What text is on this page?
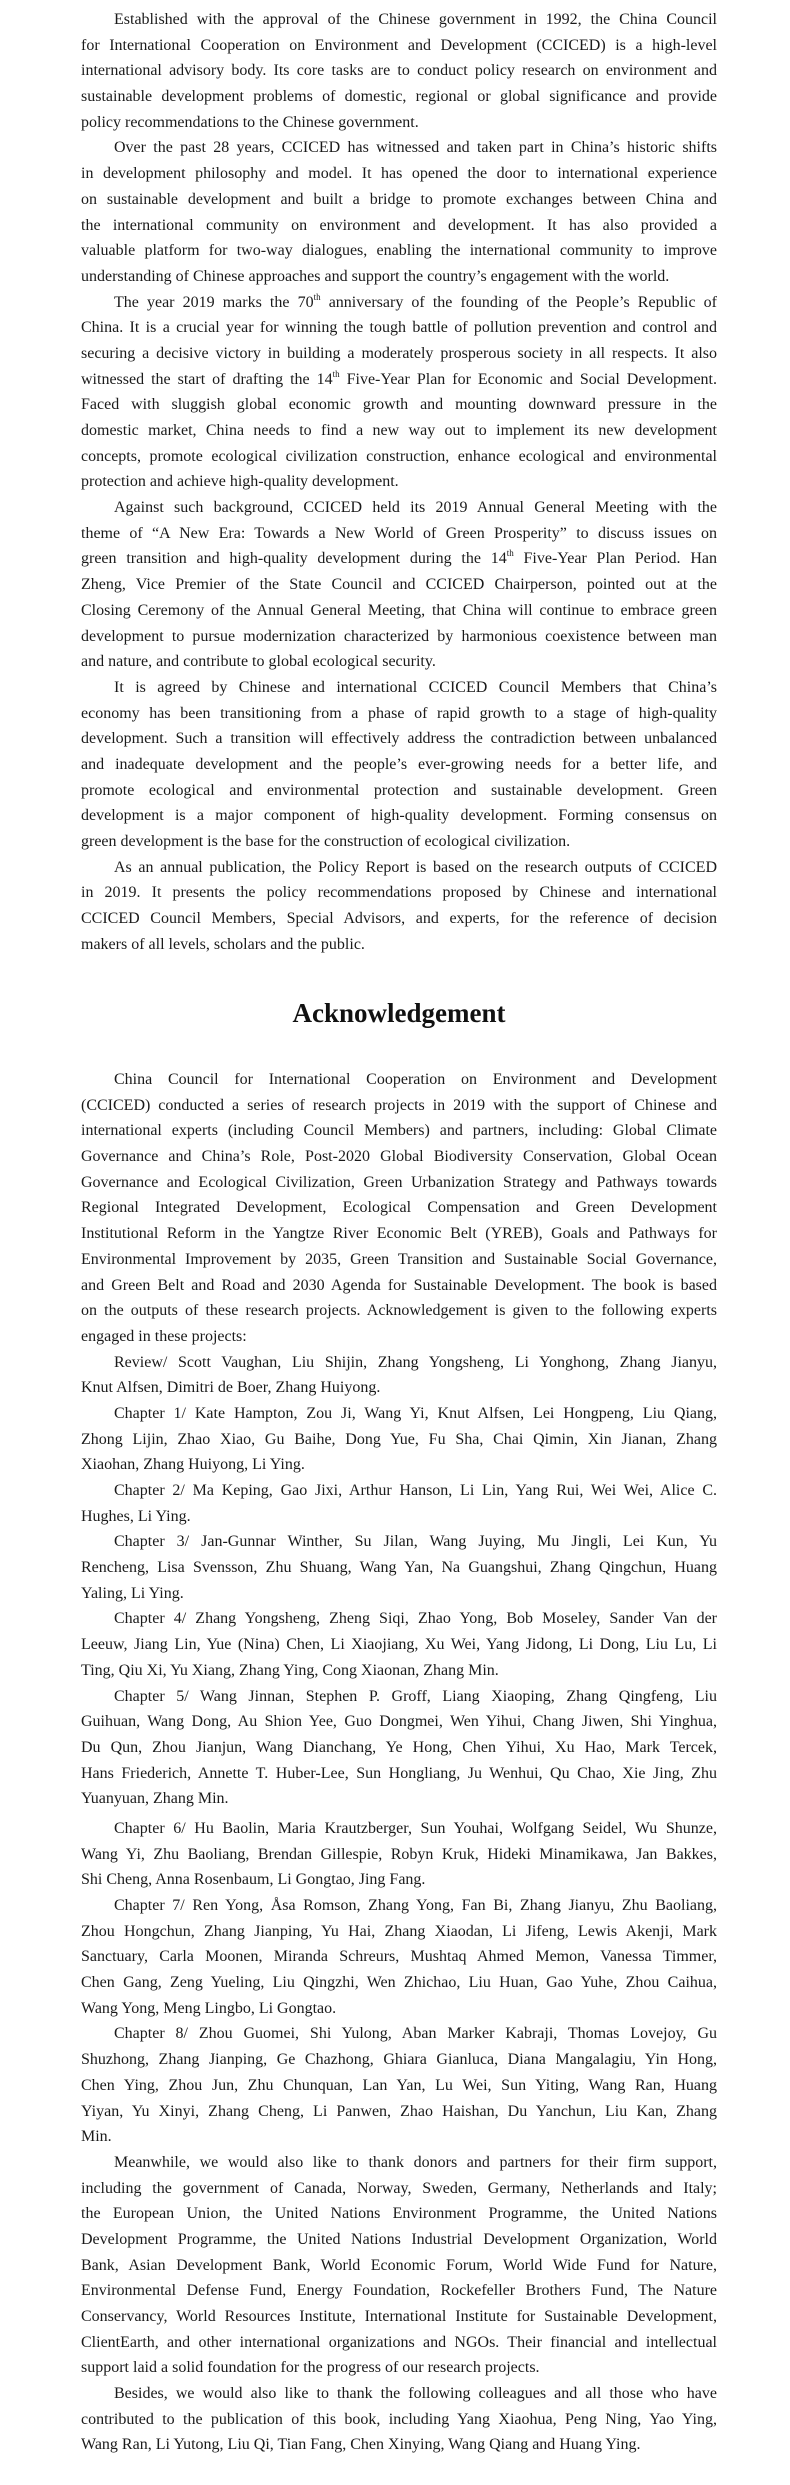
Established with the approval of the Chinese government in 1992, the China Council
for International Cooperation on Environment and Development (CCICED) is a high-level
international advisory body. Its core tasks are to conduct policy research on environment and
sustainable development problems of domestic, regional or global significance and provide
policy recommendations to the Chinese government.
Over the past 28 years, CCICED has witnessed and taken part in China’s historic shifts
in development philosophy and model. It has opened the door to international experience
on sustainable development and built a bridge to promote exchanges between China and
the international community on environment and development. It has also provided a
valuable platform for two-way dialogues, enabling the international community to improve
understanding of Chinese approaches and support the country’s engagement with the world.
The year 2019 marks the 70th anniversary of the founding of the People’s Republic of
China. It is a crucial year for winning the tough battle of pollution prevention and control and
securing a decisive victory in building a moderately prosperous society in all respects. It also
witnessed the start of drafting the 14th Five-Year Plan for Economic and Social Development.
Faced with sluggish global economic growth and mounting downward pressure in the
domestic market, China needs to find a new way out to implement its new development
concepts, promote ecological civilization construction, enhance ecological and environmental
protection and achieve high-quality development.
Against such background, CCICED held its 2019 Annual General Meeting with the
theme of “A New Era: Towards a New World of Green Prosperity” to discuss issues on
green transition and high-quality development during the 14th Five-Year Plan Period. Han
Zheng, Vice Premier of the State Council and CCICED Chairperson, pointed out at the
Closing Ceremony of the Annual General Meeting, that China will continue to embrace green
development to pursue modernization characterized by harmonious coexistence between man
and nature, and contribute to global ecological security.
It is agreed by Chinese and international CCICED Council Members that China’s
economy has been transitioning from a phase of rapid growth to a stage of high-quality
development. Such a transition will effectively address the contradiction between unbalanced
and inadequate development and the people’s ever-growing needs for a better life, and
promote ecological and environmental protection and sustainable development. Green
development is a major component of high-quality development. Forming consensus on
green development is the base for the construction of ecological civilization.
As an annual publication, the Policy Report is based on the research outputs of CCICED
in 2019. It presents the policy recommendations proposed by Chinese and international
CCICED Council Members, Special Advisors, and experts, for the reference of decision
makers of all levels, scholars and the public.
Acknowledgement
China Council for International Cooperation on Environment and Development
(CCICED) conducted a series of research projects in 2019 with the support of Chinese and
international experts (including Council Members) and partners, including: Global Climate
Governance and China’s Role, Post-2020 Global Biodiversity Conservation, Global Ocean
Governance and Ecological Civilization, Green Urbanization Strategy and Pathways towards
Regional Integrated Development, Ecological Compensation and Green Development
Institutional Reform in the Yangtze River Economic Belt (YREB), Goals and Pathways for
Environmental Improvement by 2035, Green Transition and Sustainable Social Governance,
and Green Belt and Road and 2030 Agenda for Sustainable Development. The book is based
on the outputs of these research projects. Acknowledgement is given to the following experts
engaged in these projects:
Review/ Scott Vaughan, Liu Shijin, Zhang Yongsheng, Li Yonghong, Zhang Jianyu,
Knut Alfsen, Dimitri de Boer, Zhang Huiyong.
Chapter 1/ Kate Hampton, Zou Ji, Wang Yi, Knut Alfsen, Lei Hongpeng, Liu Qiang,
Zhong Lijin, Zhao Xiao, Gu Baihe, Dong Yue, Fu Sha, Chai Qimin, Xin Jianan, Zhang
Xiaohan, Zhang Huiyong, Li Ying.
Chapter 2/ Ma Keping, Gao Jixi, Arthur Hanson, Li Lin, Yang Rui, Wei Wei, Alice C.
Hughes, Li Ying.
Chapter 3/ Jan-Gunnar Winther, Su Jilan, Wang Juying, Mu Jingli, Lei Kun, Yu
Rencheng, Lisa Svensson, Zhu Shuang, Wang Yan, Na Guangshui, Zhang Qingchun, Huang
Yaling, Li Ying.
Chapter 4/ Zhang Yongsheng, Zheng Siqi, Zhao Yong, Bob Moseley, Sander Van der
Leeuw, Jiang Lin, Yue (Nina) Chen, Li Xiaojiang, Xu Wei, Yang Jidong, Li Dong, Liu Lu, Li
Ting, Qiu Xi, Yu Xiang, Zhang Ying, Cong Xiaonan, Zhang Min.
Chapter 5/ Wang Jinnan, Stephen P. Groff, Liang Xiaoping, Zhang Qingfeng, Liu
Guihuan, Wang Dong, Au Shion Yee, Guo Dongmei, Wen Yihui, Chang Jiwen, Shi Yinghua,
Du Qun, Zhou Jianjun, Wang Dianchang, Ye Hong, Chen Yihui, Xu Hao, Mark Tercek,
Hans Friederich, Annette T. Huber-Lee, Sun Hongliang, Ju Wenhui, Qu Chao, Xie Jing, Zhu
Yuanyuan, Zhang Min.
Chapter 6/ Hu Baolin, Maria Krautzberger, Sun Youhai, Wolfgang Seidel, Wu Shunze,
Wang Yi, Zhu Baoliang, Brendan Gillespie, Robyn Kruk, Hideki Minamikawa, Jan Bakkes,
Shi Cheng, Anna Rosenbaum, Li Gongtao, Jing Fang.
Chapter 7/ Ren Yong, Åsa Romson, Zhang Yong, Fan Bi, Zhang Jianyu, Zhu Baoliang,
Zhou Hongchun, Zhang Jianping, Yu Hai, Zhang Xiaodan, Li Jifeng, Lewis Akenji, Mark
Sanctuary, Carla Moonen, Miranda Schreurs, Mushtaq Ahmed Memon, Vanessa Timmer,
Chen Gang, Zeng Yueling, Liu Qingzhi, Wen Zhichao, Liu Huan, Gao Yuhe, Zhou Caihua,
Wang Yong, Meng Lingbo, Li Gongtao.
Chapter 8/ Zhou Guomei, Shi Yulong, Aban Marker Kabraji, Thomas Lovejoy, Gu
Shuzhong, Zhang Jianping, Ge Chazhong, Ghiara Gianluca, Diana Mangalagiu, Yin Hong,
Chen Ying, Zhou Jun, Zhu Chunquan, Lan Yan, Lu Wei, Sun Yiting, Wang Ran, Huang
Yiyan, Yu Xinyi, Zhang Cheng, Li Panwen, Zhao Haishan, Du Yanchun, Liu Kan, Zhang
Min.
Meanwhile, we would also like to thank donors and partners for their firm support,
including the government of Canada, Norway, Sweden, Germany, Netherlands and Italy;
the European Union, the United Nations Environment Programme, the United Nations
Development Programme, the United Nations Industrial Development Organization, World
Bank, Asian Development Bank, World Economic Forum, World Wide Fund for Nature,
Environmental Defense Fund, Energy Foundation, Rockefeller Brothers Fund, The Nature
Conservancy, World Resources Institute, International Institute for Sustainable Development,
ClientEarth, and other international organizations and NGOs. Their financial and intellectual
support laid a solid foundation for the progress of our research projects.
Besides, we would also like to thank the following colleagues and all those who have
contributed to the publication of this book, including Yang Xiaohua, Peng Ning, Yao Ying,
Wang Ran, Li Yutong, Liu Qi, Tian Fang, Chen Xinying, Wang Qiang and Huang Ying.
